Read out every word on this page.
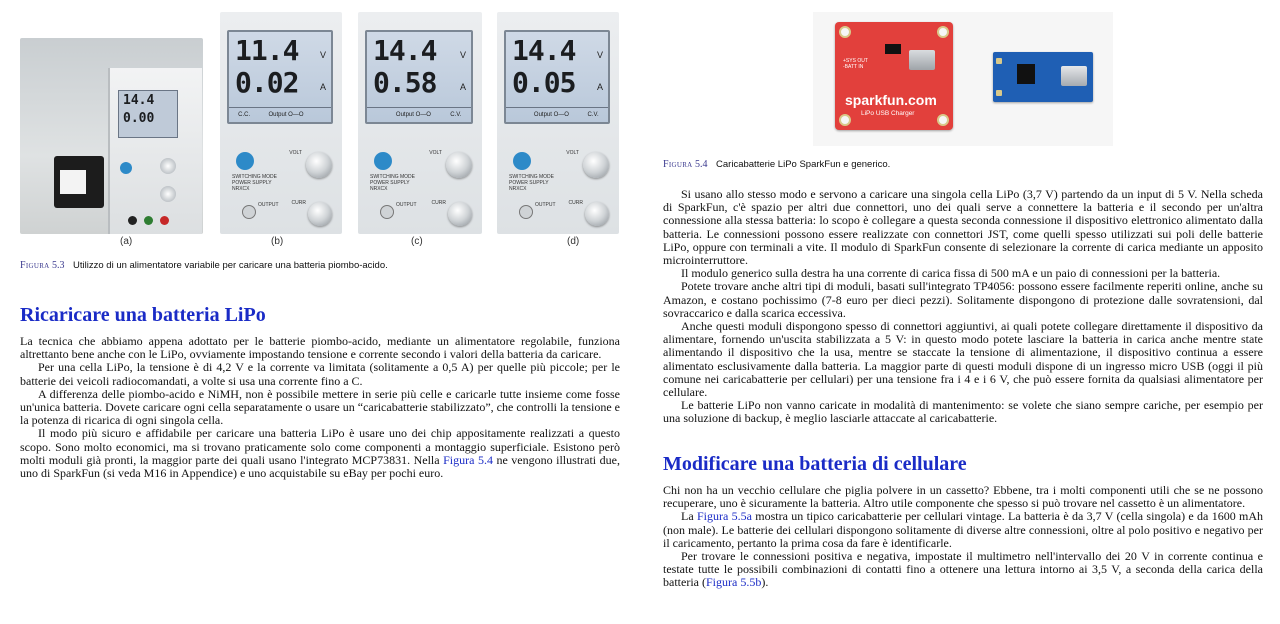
14.4
0.00
(a)
11.4 V
0.02 A
C.C.	Output O—O
SWITCHING MODE POWER SUPPLY
NRXCX
VOLT
CURR
OUTPUT
(b)
14.4	V
0.58	A
Output O—O	C.V.
SWITCHING MODE POWER SUPPLY
NRXCX
VOLT
CURR
OUTPUT
(c)
14.4 V
0.05 A
Output O—O	C.V.
SWITCHING MODE POWER SUPPLY
NRXCX
VOLT
CURR
OUTPUT
(d)
Figura 5.3 Utilizzo di un alimentatore variabile per caricare una batteria piombo-acido.
Ricaricare una batteria LiPo

La tecnica che abbiamo appena adottato per le batterie piombo-acido, mediante un alimentatore regolabile, funziona altrettanto bene anche con le LiPo, ovviamente impostando tensione e corrente secondo i valori della batteria da caricare.

Per una cella LiPo, la tensione è di 4,2 V e la corrente va limitata (solitamente a 0,5 A) per quelle più piccole; per le batterie dei veicoli radiocomandati, a volte si usa una corrente fino a C.

A differenza delle piombo-acido e NiMH, non è possibile mettere in serie più celle e caricarle tutte insieme come fosse un'unica batteria. Dovete caricare ogni cella separatamente o usare un “caricabatterie stabilizzato”, che controlli la tensione e la potenza di ricarica di ogni singola cella.

Il modo più sicuro e affidabile per caricare una batteria LiPo è usare uno dei chip appositamente realizzati a questo scopo. Sono molto economici, ma si trovano praticamente solo come componenti a montaggio superficiale. Esistono però molti moduli già pronti, la maggior parte dei quali usano l'integrato MCP73831. Nella Figura 5.4 ne vengono illustrati due, uno di SparkFun (si veda M16 in Appendice) e uno acquistabile su eBay per pochi euro.

+SYS OUT
-BATT IN
sparkfun.com
LiPo USB Charger
Figura 5.4 Caricabatterie LiPo SparkFun e generico.

Si usano allo stesso modo e servono a caricare una singola cella LiPo (3,7 V) partendo da un input di 5 V. Nella scheda di SparkFun, c'è spazio per altri due connettori, uno dei quali serve a connettere la batteria e il secondo per un'altra connessione alla stessa batteria: lo scopo è collegare a questa seconda connessione il dispositivo elettronico alimentato dalla batteria. Le connessioni possono essere realizzate con connettori JST, come quelli spesso utilizzati sui poli delle batterie LiPo, oppure con terminali a vite. Il modulo di SparkFun consente di selezionare la corrente di carica mediante un apposito microinterruttore.

Il modulo generico sulla destra ha una corrente di carica fissa di 500 mA e un paio di connessioni per la batteria.

Potete trovare anche altri tipi di moduli, basati sull'integrato TP4056: possono essere facilmente reperiti online, anche su Amazon, e costano pochissimo (7-8 euro per dieci pezzi). Solitamente dispongono di protezione dalle sovratensioni, dal sovraccarico e dalla scarica eccessiva.

Anche questi moduli dispongono spesso di connettori aggiuntivi, ai quali potete collegare direttamente il dispositivo da alimentare, fornendo un'uscita stabilizzata a 5 V: in questo modo potete lasciare la batteria in carica anche mentre state alimentando il dispositivo che la usa, mentre se staccate la tensione di alimentazione, il dispositivo continua a essere alimentato esclusivamente dalla batteria. La maggior parte di questi moduli dispone di un ingresso micro USB (oggi il più comune nei caricabatterie per cellulari) per una tensione fra i 4 e i 6 V, che può essere fornita da qualsiasi alimentatore per cellulare.

Le batterie LiPo non vanno caricate in modalità di mantenimento: se volete che siano sempre cariche, per esempio per una soluzione di backup, è meglio lasciarle attaccate al caricabatterie.

Modificare una batteria di cellulare

Chi non ha un vecchio cellulare che piglia polvere in un cassetto? Ebbene, tra i molti componenti utili che se ne possono recuperare, uno è sicuramente la batteria. Altro utile componente che spesso si può trovare nel cassetto è un alimentatore.

La Figura 5.5a mostra un tipico caricabatterie per cellulari vintage. La batteria è da 3,7 V (cella singola) e da 1600 mAh (non male). Le batterie dei cellulari dispongono solitamente di diverse altre connessioni, oltre al polo positivo e negativo per il caricamento, pertanto la prima cosa da fare è identificarle.

Per trovare le connessioni positiva e negativa, impostate il multimetro nell'intervallo dei 20 V in corrente continua e testate tutte le possibili combinazioni di contatti fino a ottenere una lettura intorno ai 3,5 V, a seconda della carica della batteria (Figura 5.5b).
